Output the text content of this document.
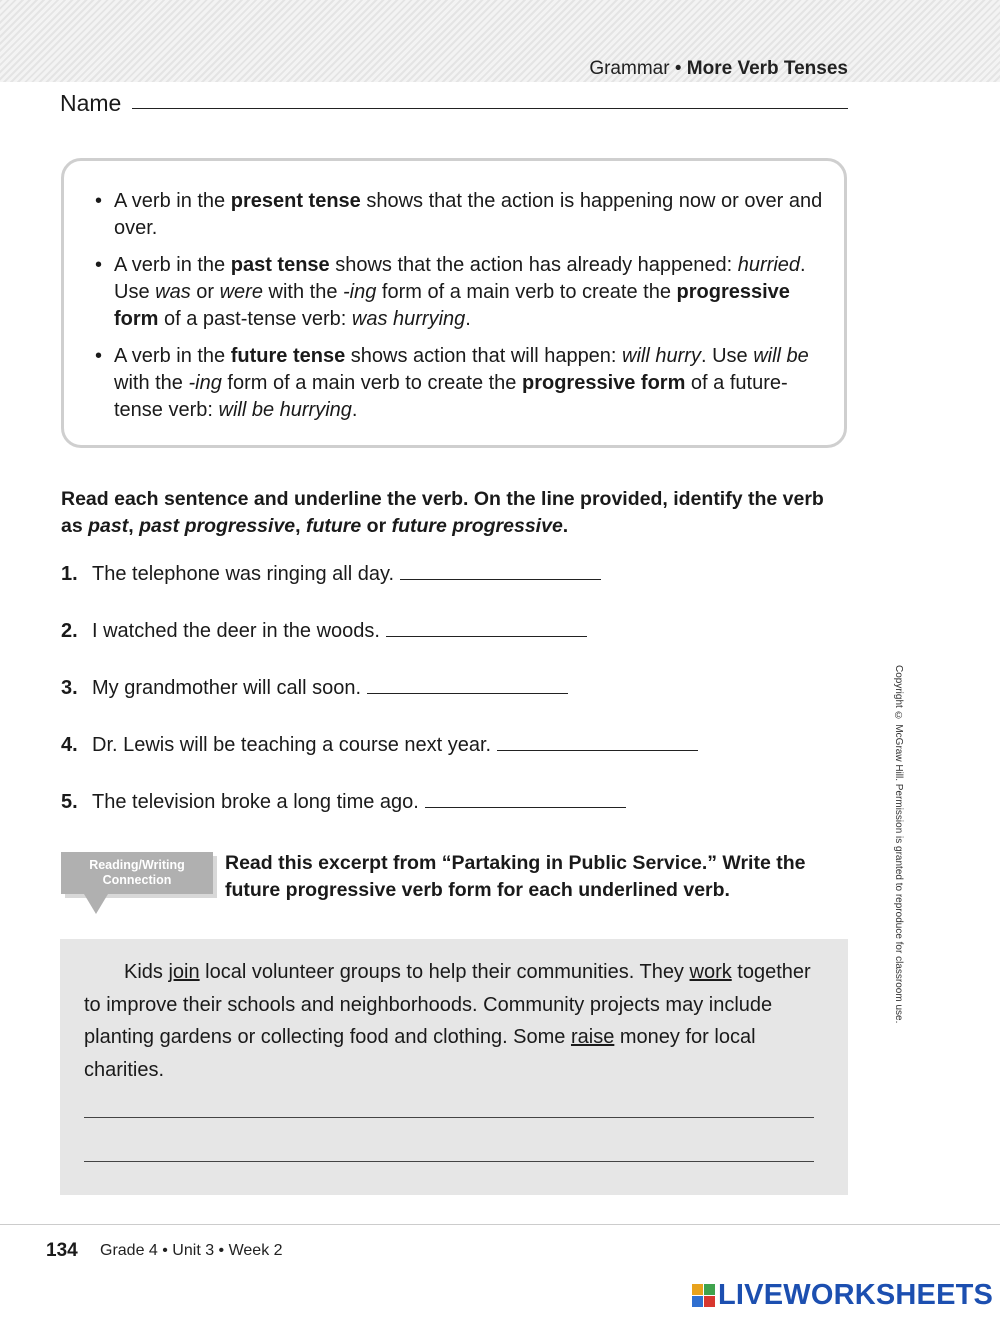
Grammar • More Verb Tenses
Name
• A verb in the present tense shows that the action is happening now or over and over.
• A verb in the past tense shows that the action has already happened: hurried. Use was or were with the -ing form of a main verb to create the progressive form of a past-tense verb: was hurrying.
• A verb in the future tense shows action that will happen: will hurry. Use will be with the -ing form of a main verb to create the progressive form of a future-tense verb: will be hurrying.
Read each sentence and underline the verb. On the line provided, identify the verb as past, past progressive, future or future progressive.
1. The telephone was ringing all day.
2. I watched the deer in the woods.
3. My grandmother will call soon.
4. Dr. Lewis will be teaching a course next year.
5. The television broke a long time ago.
Reading/Writing
Connection
Read this excerpt from “Partaking in Public Service.” Write the future progressive verb form for each underlined verb.
Kids join local volunteer groups to help their communities. They work together to improve their schools and neighborhoods. Community projects may include planting gardens or collecting food and clothing. Some raise money for local charities.
Copyright © McGraw Hill. Permission is granted to reproduce for classroom use.
134 Grade 4 • Unit 3 • Week 2
LIVEWORKSHEETS
